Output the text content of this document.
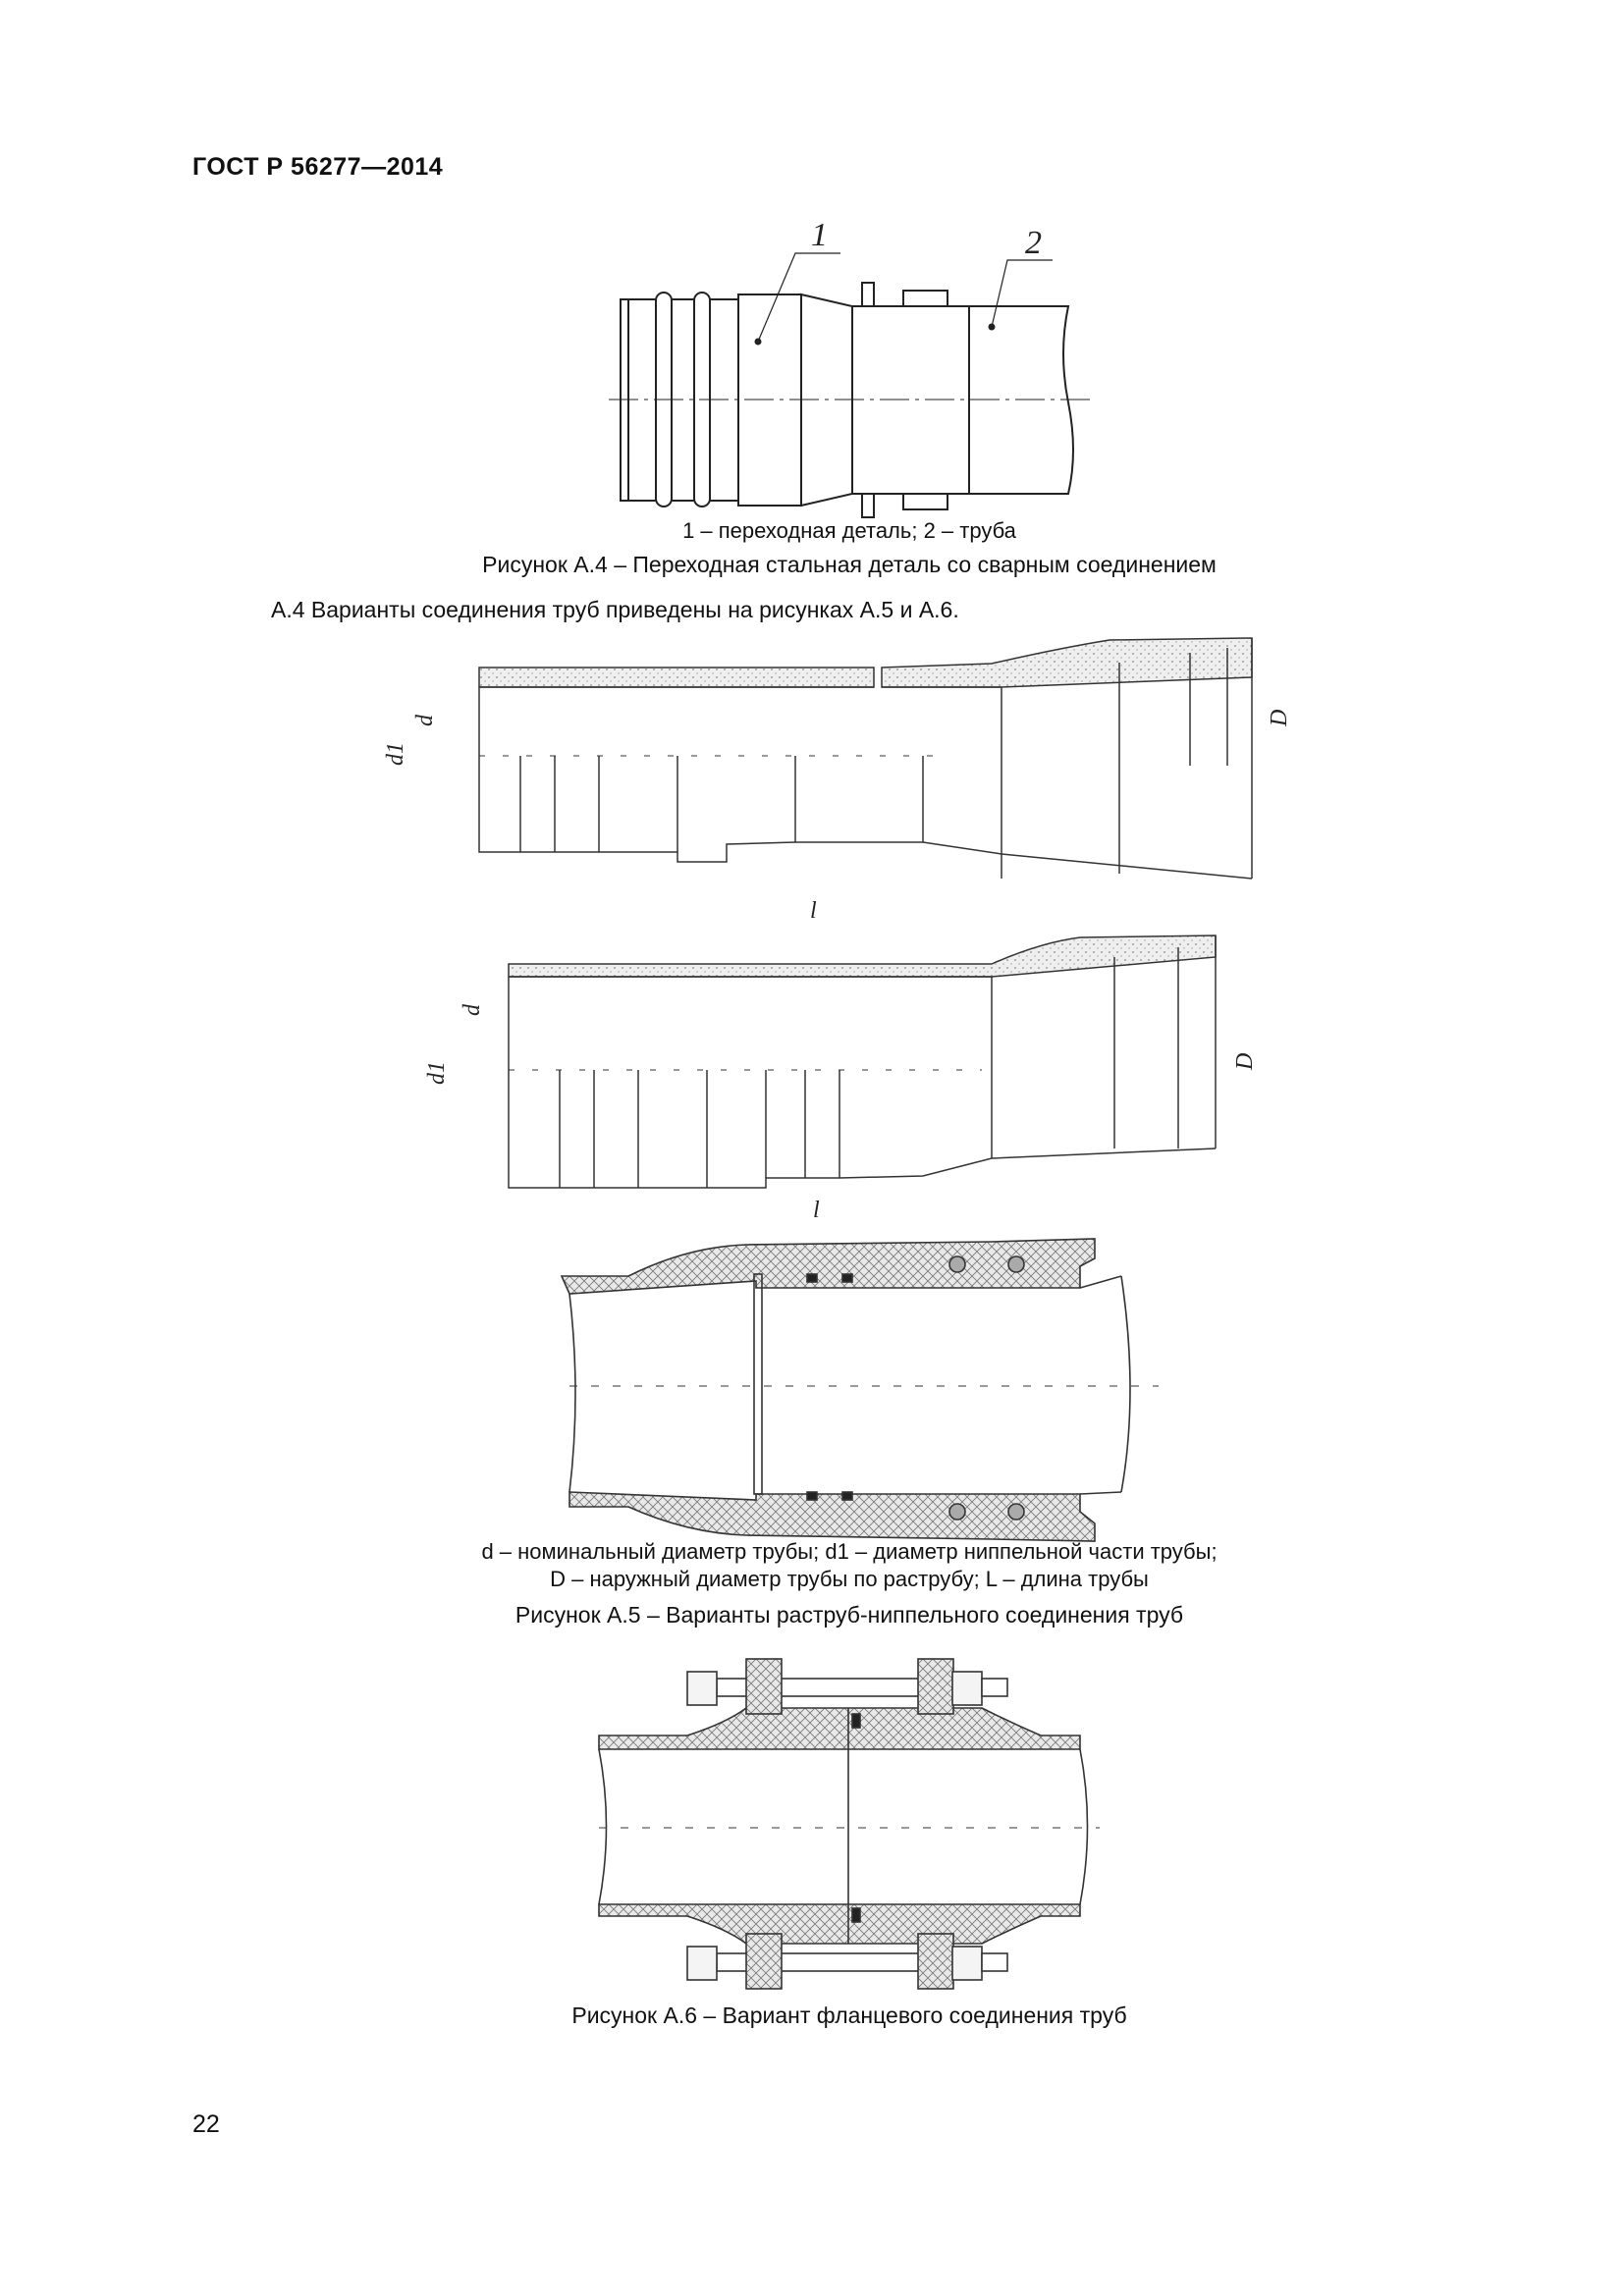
ГОСТ Р 56277—2014
1	2
d1
d	D
l
d1
d
D
l
1 – переходная деталь; 2 – труба
Рисунок А.4 – Переходная стальная деталь со сварным соединением
А.4 Варианты соединения труб приведены на рисунках А.5 и А.6.
d – номинальный диаметр трубы; d1 – диаметр ниппельной части трубы;
D – наружный диаметр трубы по раструбу; L – длина трубы
Рисунок А.5 – Варианты раструб-ниппельного соединения труб
Рисунок А.6 – Вариант фланцевого соединения труб
22
